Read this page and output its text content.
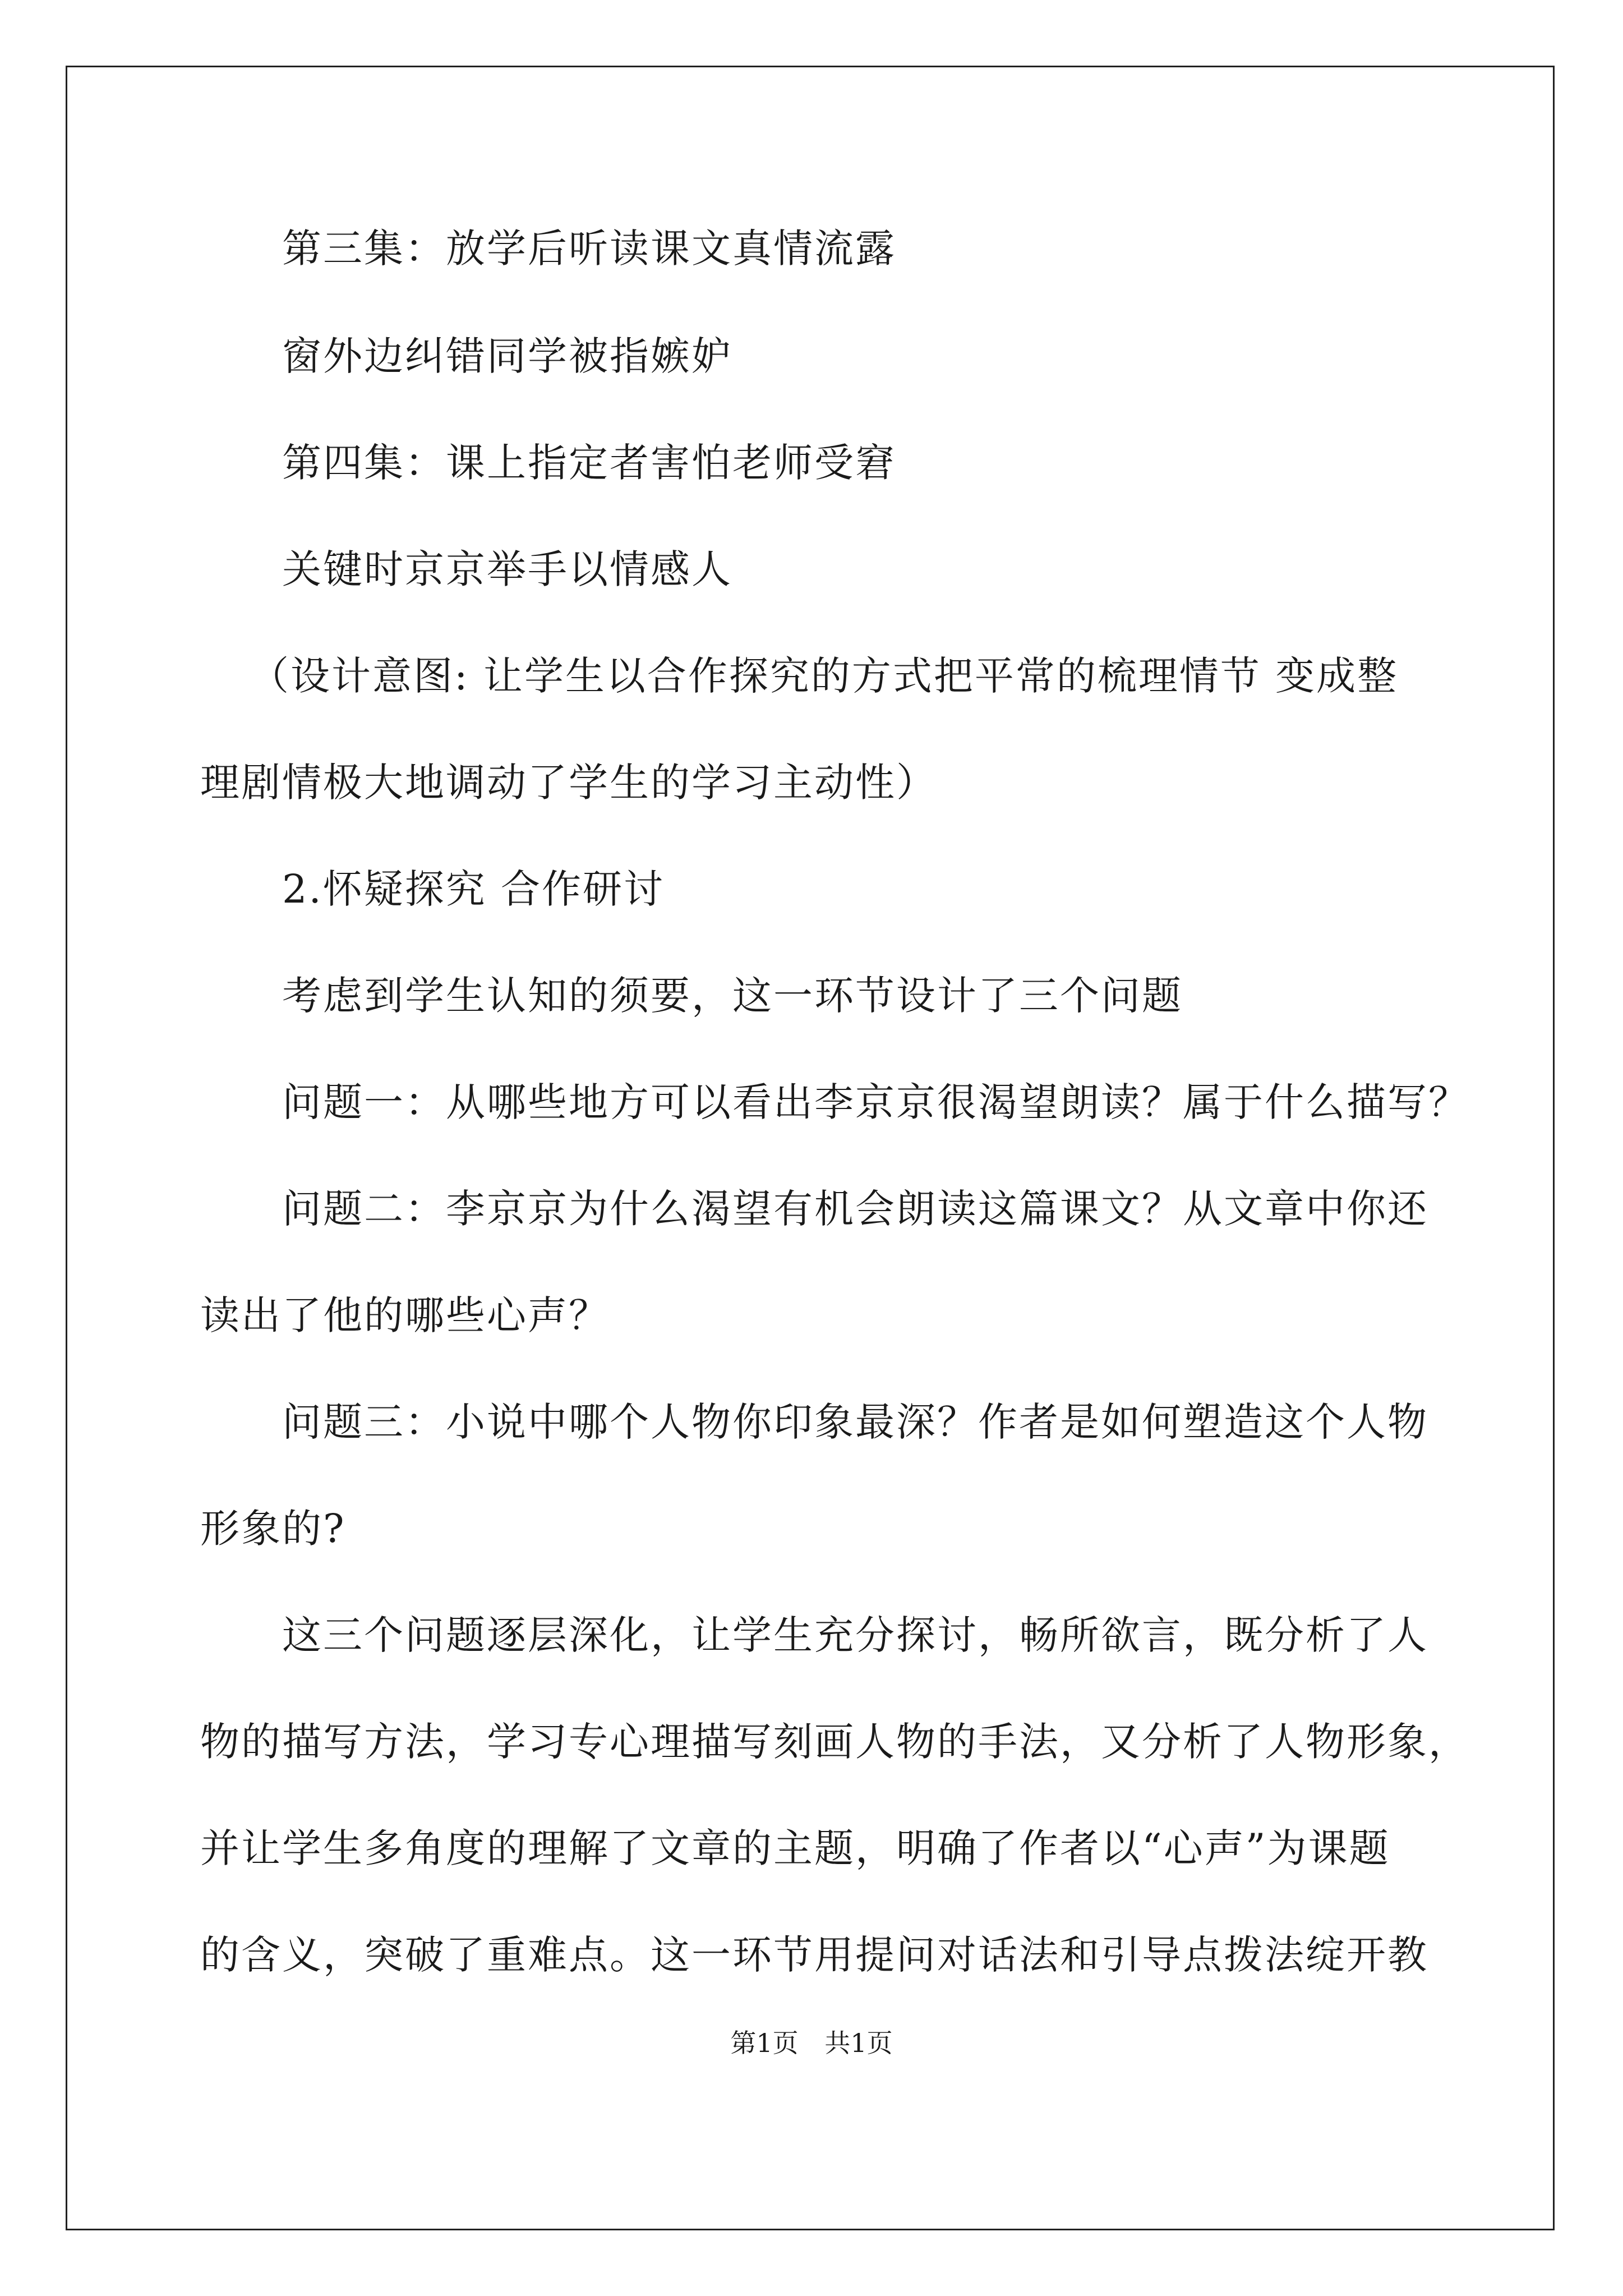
第三集：放学后听读课文真情流露
窗外边纠错同学被指嫉妒
第四集：课上指定者害怕老师受窘
关键时京京举手以情感人
（设计意图: 让学生以合作探究的方式把平常的梳理情节 变成整
理剧情极大地调动了学生的学习主动性）
2.怀疑探究 合作研讨
考虑到学生认知的须要，这一环节设计了三个问题
问题一：从哪些地方可以看出李京京很渴望朗读？属于什么描写？
问题二：李京京为什么渴望有机会朗读这篇课文？从文章中你还
读出了他的哪些心声？
问题三：小说中哪个人物你印象最深？作者是如何塑造这个人物
形象的?
这三个问题逐层深化，让学生充分探讨，畅所欲言，既分析了人
物的描写方法，学习专心理描写刻画人物的手法，又分析了人物形象，
并让学生多角度的理解了文章的主题，明确了作者以“心声”为课题
的含义，突破了重难点。这一环节用提问对话法和引导点拨法绽开教
第1页 共1页
